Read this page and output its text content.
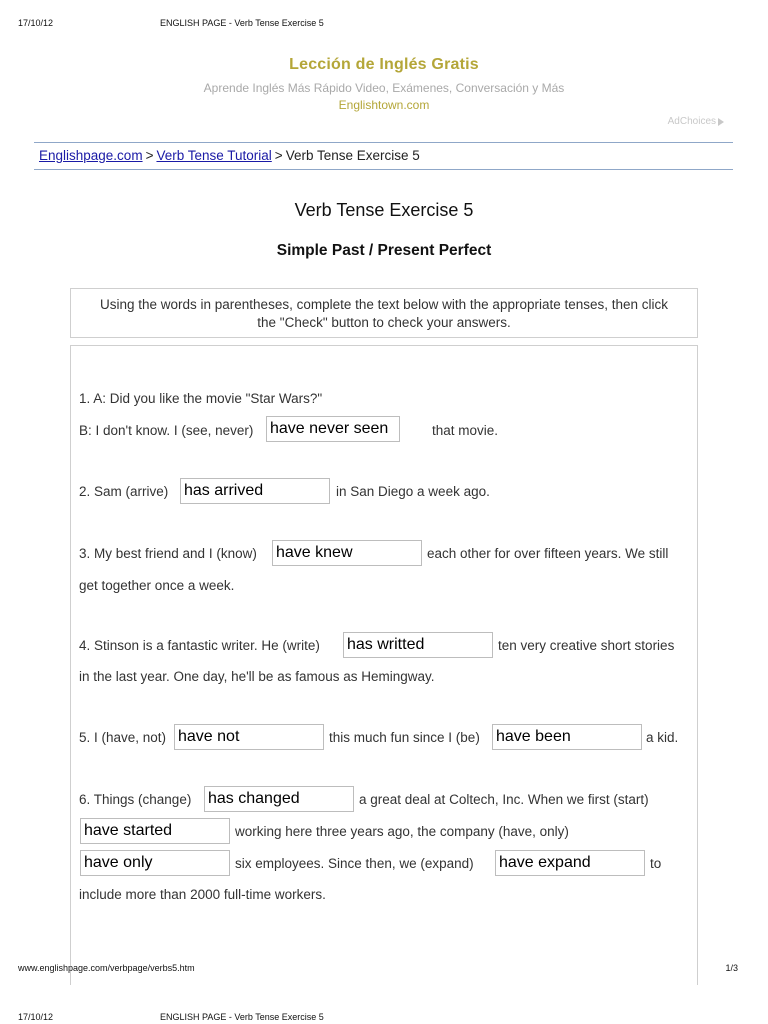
17/10/12	ENGLISH PAGE - Verb Tense Exercise 5
Lección de Inglés Gratis
Aprende Inglés Más Rápido Video, Exámenes, Conversación y Más
Englishtown.com
AdChoices
Englishpage.com > Verb Tense Tutorial > Verb Tense Exercise 5
Verb Tense Exercise 5
Simple Past / Present Perfect
Using the words in parentheses, complete the text below with the appropriate tenses, then click
the "Check" button to check your answers.
1. A: Did you like the movie "Star Wars?"
B: I don't know. I (see, never)
have never seen	that movie.
2. Sam (arrive)
has arrived	in San Diego a week ago.
3. My best friend and I (know)
have knew	each other for over fifteen years. We still
get together once a week.
4. Stinson is a fantastic writer. He (write)
has writted	ten very creative short stories
in the last year. One day, he'll be as famous as Hemingway.
5. I (have, not)
have not	this much fun since I (be)
have been	a kid.
6. Things (change)
has changed	a great deal at Coltech, Inc. When we first (start)
have started
working here three years ago, the company (have, only)
have only
six employees. Since then, we (expand)
have expand	to
include more than 2000 full-time workers.
www.englishpage.com/verbpage/verbs5.htm	1/3
17/10/12	ENGLISH PAGE - Verb Tense Exercise 5
